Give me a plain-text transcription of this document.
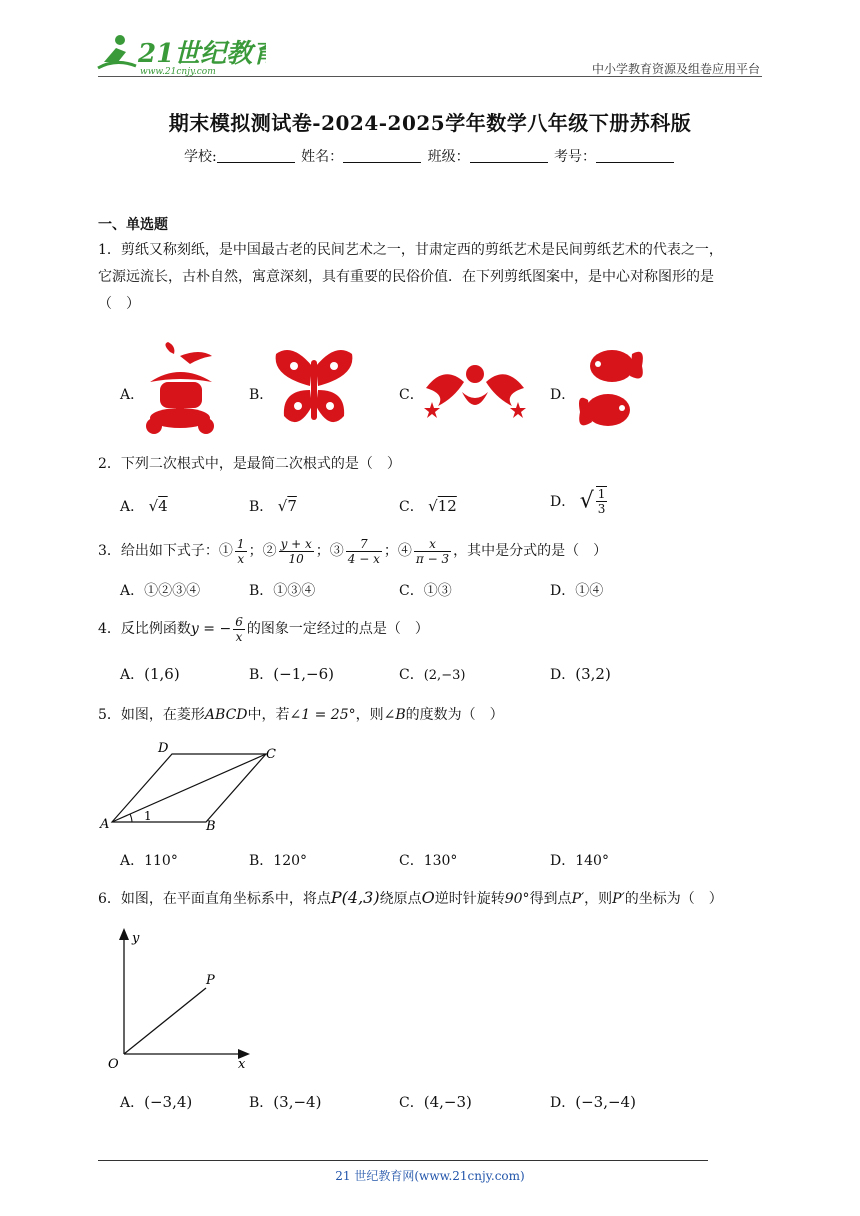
21世纪教育
www.21cnjy.com	中小学教育资源及组卷应用平台
期末模拟测试卷-2024-2025学年数学八年级下册苏科版
学校:	姓名：	班级：	考号：
一、单选题
1．剪纸又称刻纸，是中国最古老的民间艺术之一，甘肃定西的剪纸艺术是民间剪纸艺术的代表之一，
它源远流长，古朴自然，寓意深刻，具有重要的民俗价值．在下列剪纸图案中，是中心对称图形的是
（　）
A．	B．	C．	D．
2．下列二次根式中，是最简二次根式的是（　）
A． √4	B． √7	C． √12	D． √ $\frac{1}{3}$
3．给出如下式子：① $\frac{1}{x}$ ；② $\frac{y + x}{10}$ ；③ $\frac{7}{4 - x}$ ；④ $\frac{x}{\pi - 3}$ ，其中是分式的是（　）
A．①②③④	B．①③④	C．①③	D．①④
4．反比例函数y = − $\frac{6}{x}$ 的图象一定经过的点是（　）
A．(1,6)	B．(−1,−6)	C．(2,−3)	D．(3,2)
5．如图，在菱形ABCD中，若∠1 = 25°，则∠B的度数为（　）
D	C
A	B
1
A．110°	B．120°	C．130°	D．140°
6．如图，在平面直角坐标系中，将点P(4,3)绕原点O逆时针旋转90°得到点P′，则P′的坐标为（　）
y
x
O
P
A．(−3,4)	B．(3,−4)	C．(4,−3)	D．(−3,−4)
21 世纪教育网(www.21cnjy.com)
